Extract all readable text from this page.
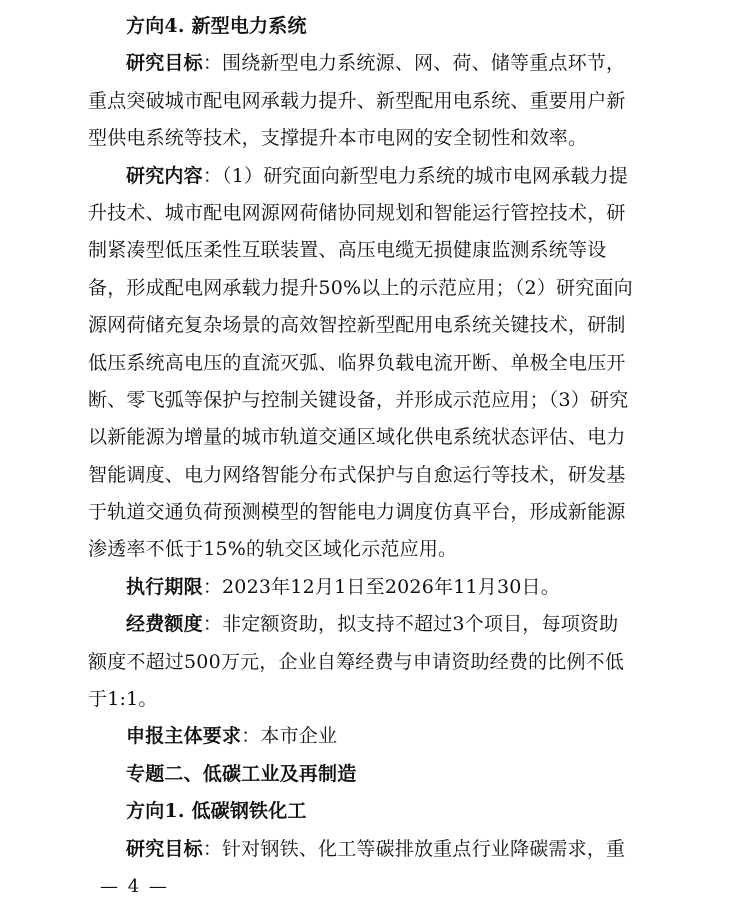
方向4. 新型电力系统
研究目标：围绕新型电力系统源、网、荷、储等重点环节，
重点突破城市配电网承载力提升、新型配用电系统、重要用户新
型供电系统等技术，支撑提升本市电网的安全韧性和效率。
研究内容：（1）研究面向新型电力系统的城市电网承载力提
升技术、城市配电网源网荷储协同规划和智能运行管控技术，研
制紧凑型低压柔性互联装置、高压电缆无损健康监测系统等设
备，形成配电网承载力提升50%以上的示范应用；（2）研究面向
源网荷储充复杂场景的高效智控新型配用电系统关键技术，研制
低压系统高电压的直流灭弧、临界负载电流开断、单极全电压开
断、零飞弧等保护与控制关键设备，并形成示范应用；（3）研究
以新能源为增量的城市轨道交通区域化供电系统状态评估、电力
智能调度、电力网络智能分布式保护与自愈运行等技术，研发基
于轨道交通负荷预测模型的智能电力调度仿真平台，形成新能源
渗透率不低于15%的轨交区域化示范应用。
执行期限：2023年12月1日至2026年11月30日。
经费额度：非定额资助，拟支持不超过3个项目，每项资助
额度不超过500万元，企业自筹经费与申请资助经费的比例不低
于1:1。
申报主体要求：本市企业
专题二、低碳工业及再制造
方向1. 低碳钢铁化工
研究目标：针对钢铁、化工等碳排放重点行业降碳需求，重
— 4 —
